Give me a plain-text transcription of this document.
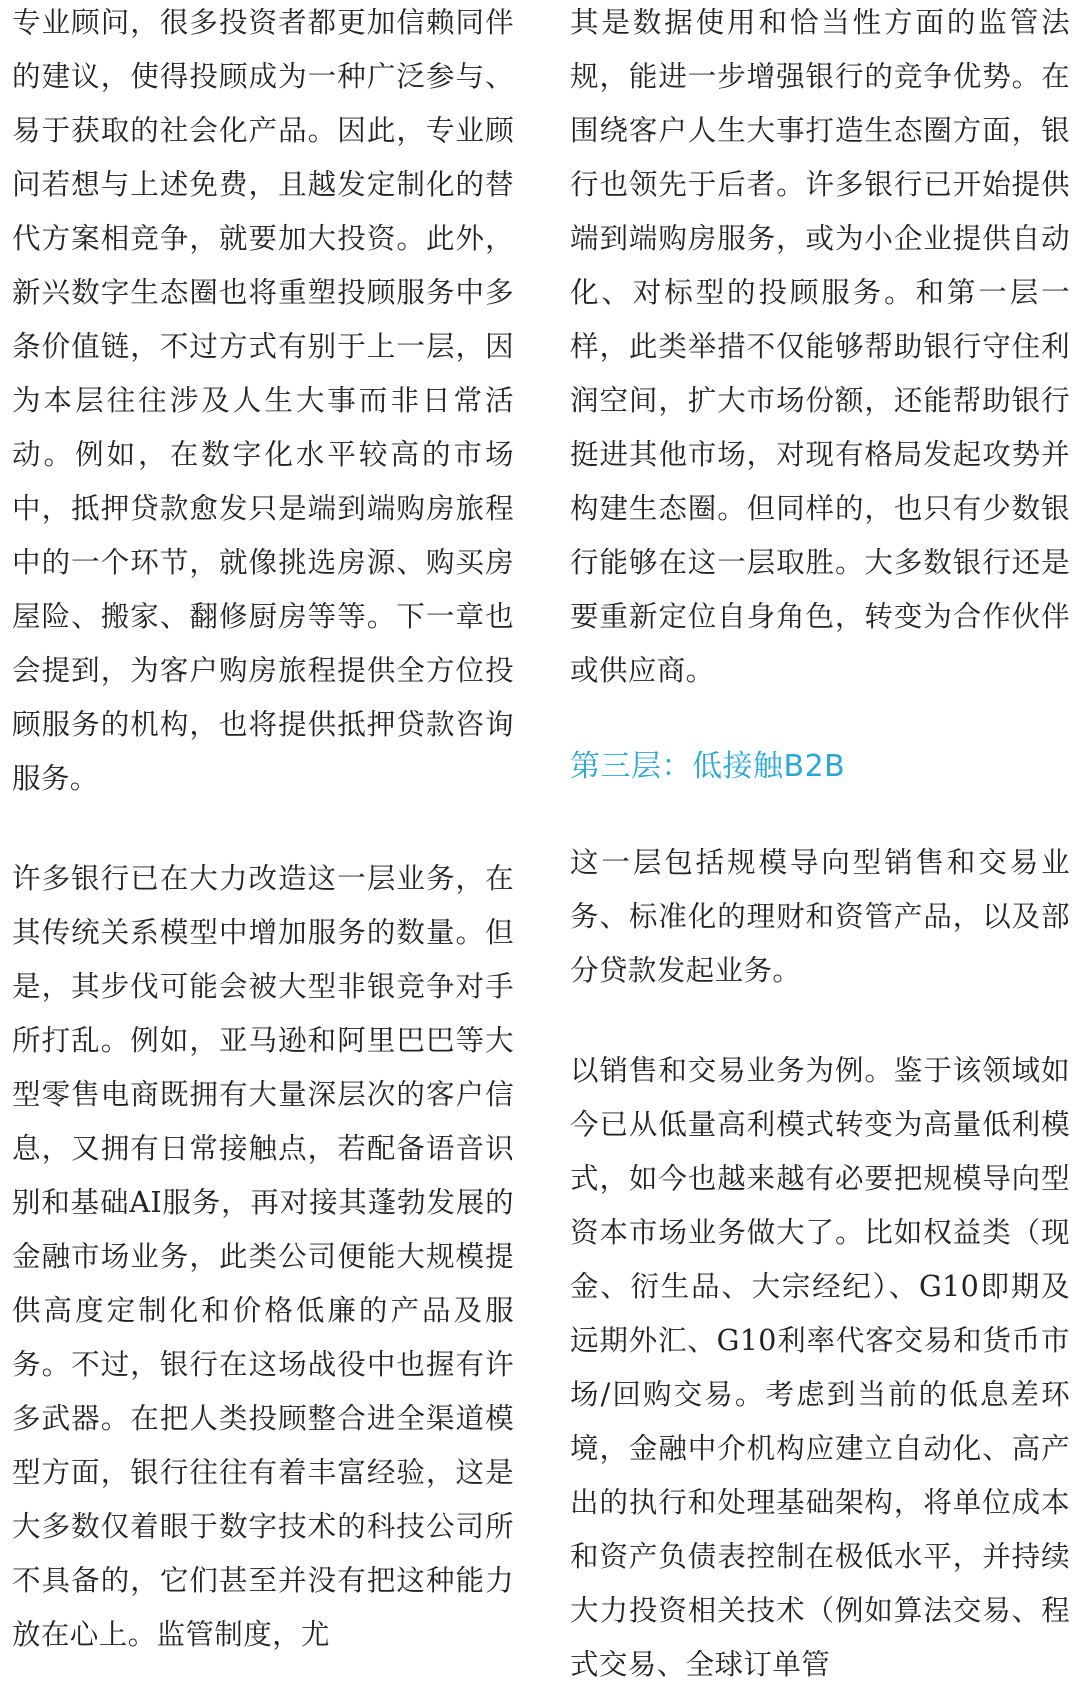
专业顾问，很多投资者都更加信赖同伴的建议，使得投顾成为一种广泛参与、易于获取的社会化产品。因此，专业顾问若想与上述免费，且越发定制化的替代方案相竞争，就要加大投资。此外，新兴数字生态圈也将重塑投顾服务中多条价值链，不过方式有别于上一层，因为本层往往涉及人生大事而非日常活动。例如，在数字化水平较高的市场中，抵押贷款愈发只是端到端购房旅程中的一个环节，就像挑选房源、购买房屋险、搬家、翻修厨房等等。下一章也会提到，为客户购房旅程提供全方位投顾服务的机构，也将提供抵押贷款咨询服务。

许多银行已在大力改造这一层业务，在其传统关系模型中增加服务的数量。但是，其步伐可能会被大型非银竞争对手所打乱。例如，亚马逊和阿里巴巴等大型零售电商既拥有大量深层次的客户信息，又拥有日常接触点，若配备语音识别和基础AI服务，再对接其蓬勃发展的金融市场业务，此类公司便能大规模提供高度定制化和价格低廉的产品及服务。不过，银行在这场战役中也握有许多武器。在把人类投顾整合进全渠道模型方面，银行往往有着丰富经验，这是大多数仅着眼于数字技术的科技公司所不具备的，它们甚至并没有把这种能力放在心上。监管制度，尤

其是数据使用和恰当性方面的监管法规，能进一步增强银行的竞争优势。在围绕客户人生大事打造生态圈方面，银行也领先于后者。许多银行已开始提供端到端购房服务，或为小企业提供自动化、对标型的投顾服务。和第一层一样，此类举措不仅能够帮助银行守住利润空间，扩大市场份额，还能帮助银行挺进其他市场，对现有格局发起攻势并构建生态圈。但同样的，也只有少数银行能够在这一层取胜。大多数银行还是要重新定位自身角色，转变为合作伙伴或供应商。

第三层：低接触B2B

这一层包括规模导向型销售和交易业务、标准化的理财和资管产品，以及部分贷款发起业务。

以销售和交易业务为例。鉴于该领域如今已从低量高利模式转变为高量低利模式，如今也越来越有必要把规模导向型资本市场业务做大了。比如权益类（现金、衍生品、大宗经纪）、G10即期及远期外汇、G10利率代客交易和货币市场/回购交易。考虑到当前的低息差环境，金融中介机构应建立自动化、高产出的执行和处理基础架构，将单位成本和资产负债表控制在极低水平，并持续大力投资相关技术（例如算法交易、程式交易、全球订单管
